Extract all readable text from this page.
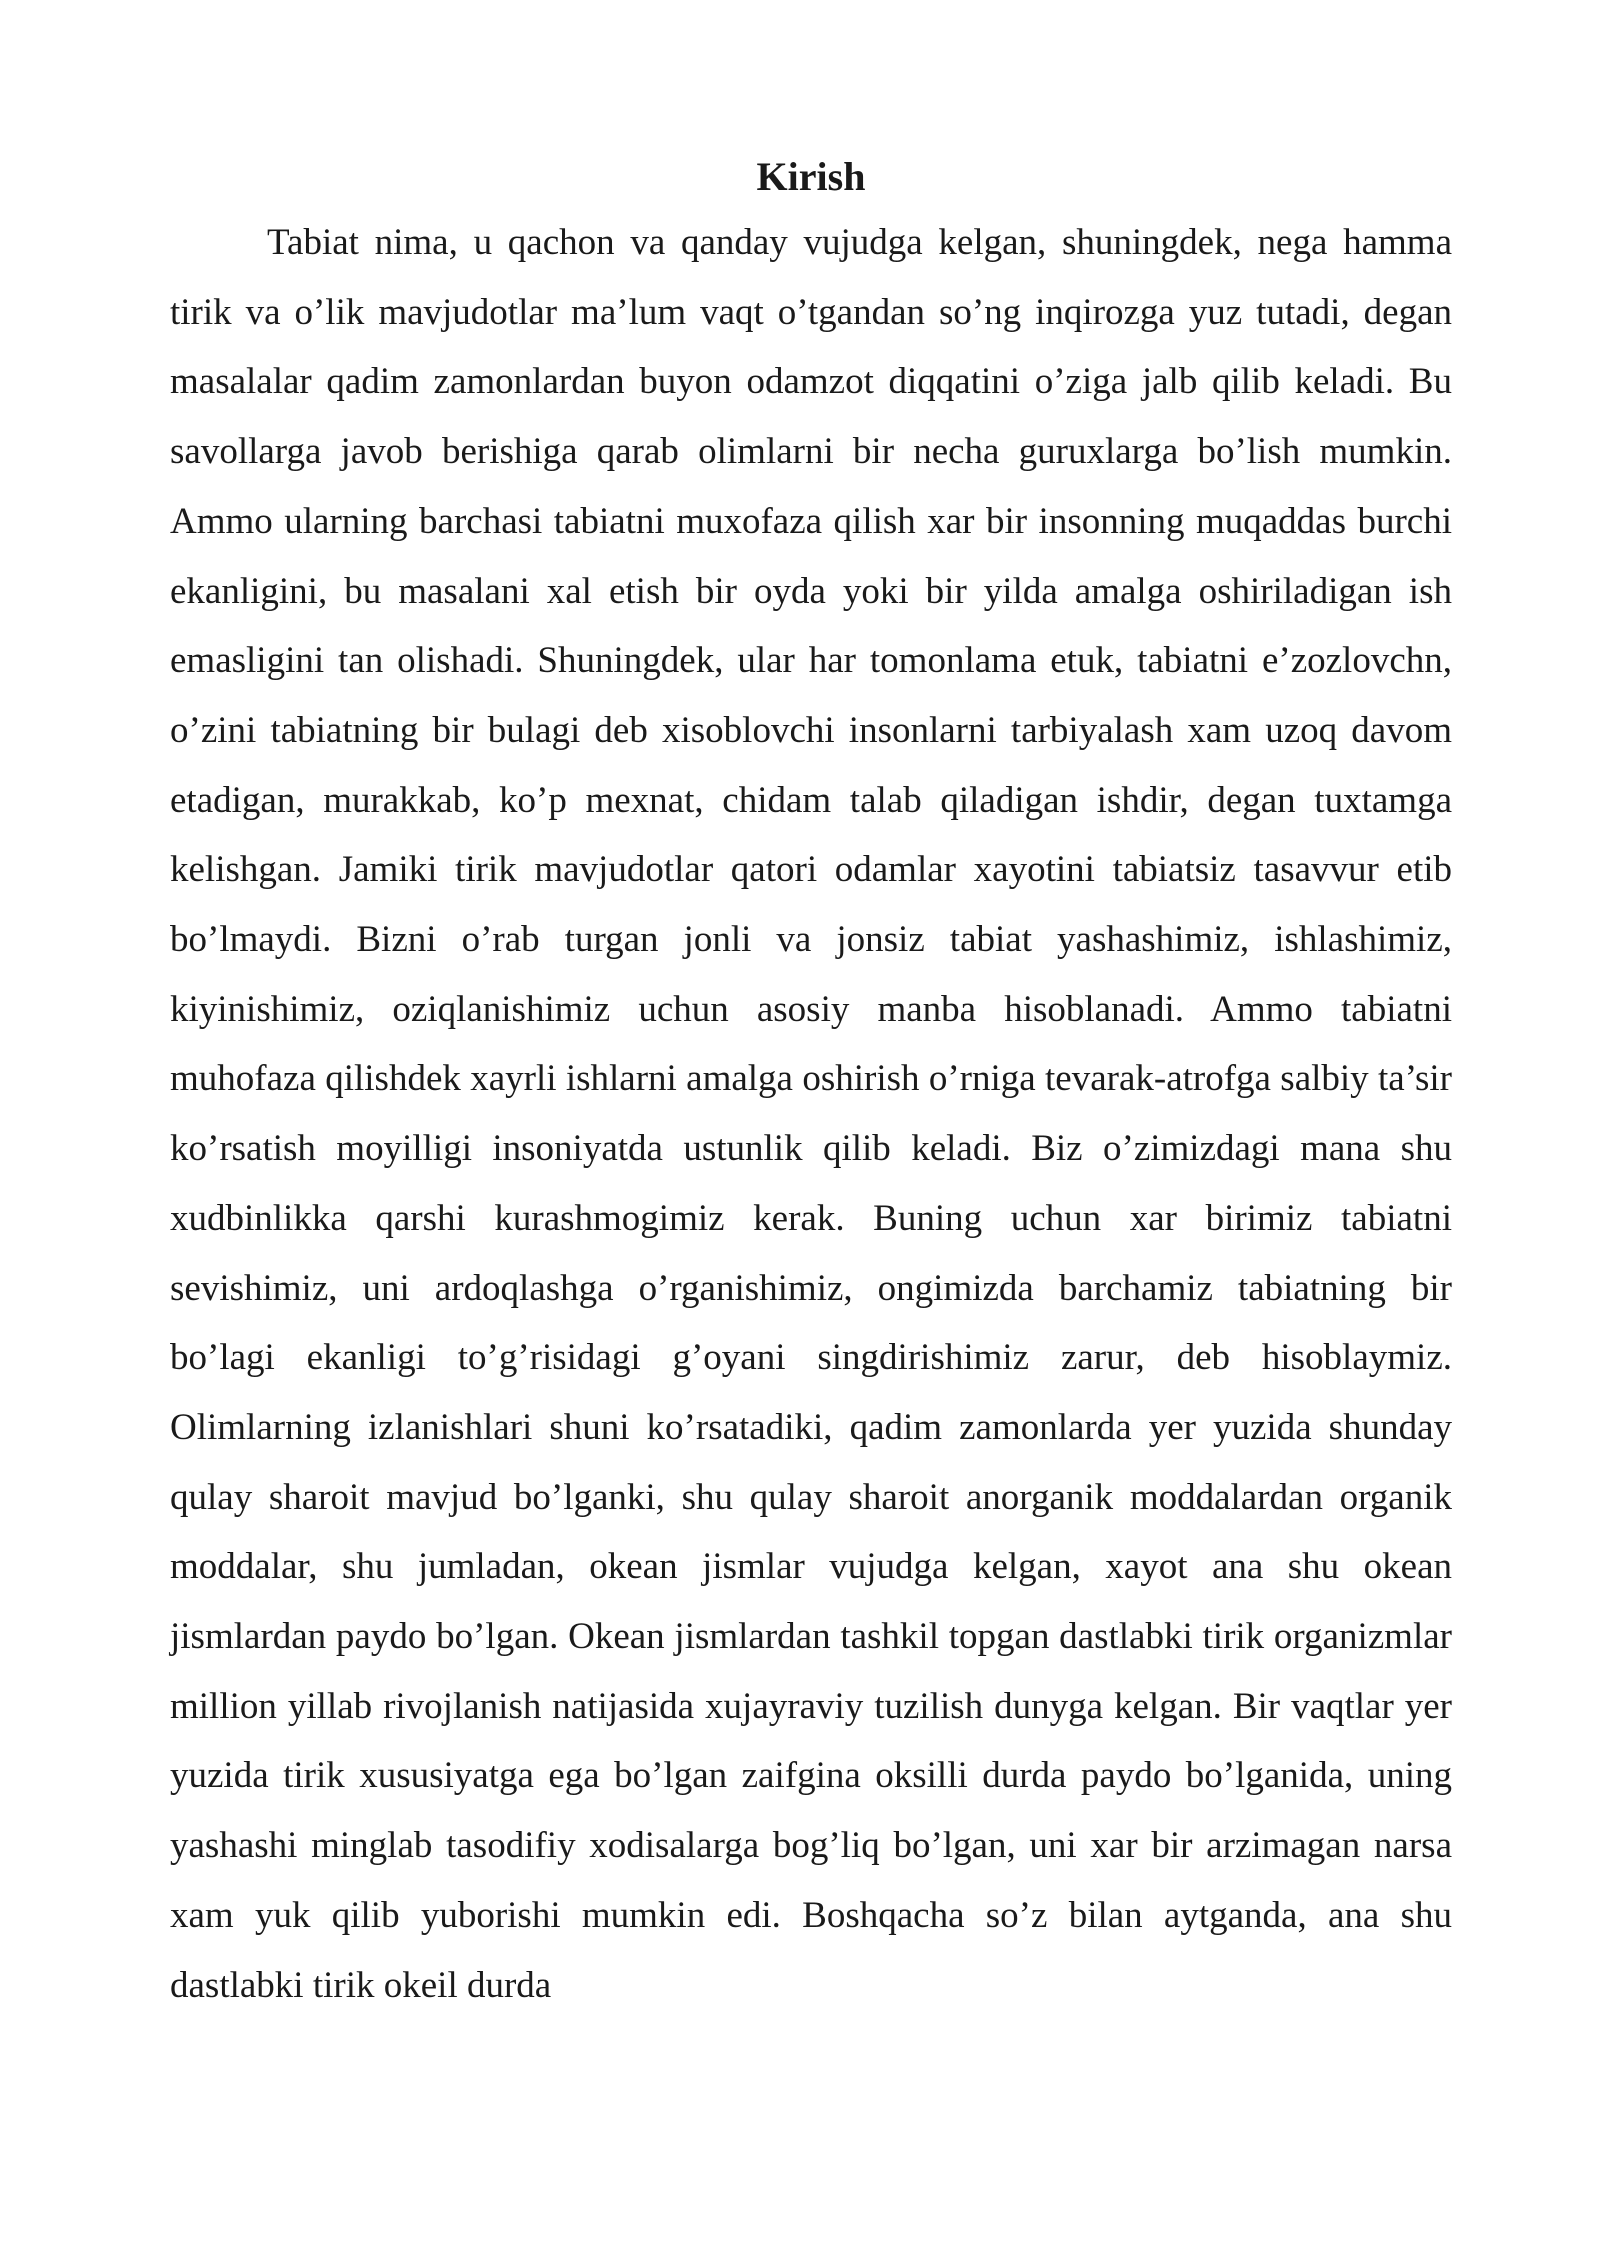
Kirish

Tabiat nima, u qachon va qanday vujudga kelgan, shuningdek, nega hamma tirik va o’lik mavjudotlar ma’lum vaqt o’tgandan so’ng inqirozga yuz tutadi, degan masalalar qadim zamonlardan buyon odamzot diqqatini o’ziga jalb qilib keladi. Bu savollarga javob berishiga qarab olimlarni bir necha guruxlarga bo’lish mumkin. Ammo ularning barchasi tabiatni muxofaza qilish xar bir insonning muqaddas burchi ekanligini, bu masalani xal etish bir oyda yoki bir yilda amalga oshiriladigan ish emasligini tan olishadi. Shuningdek, ular har tomonlama etuk, tabiatni e’zozlovchn, o’zini tabiatning bir bulagi deb xisoblovchi insonlarni tarbiyalash xam uzoq davom etadigan, murakkab, ko’p mexnat, chidam talab qiladigan ishdir, degan tuxtamga kelishgan. Jamiki tirik mavjudotlar qatori odamlar xayotini tabiatsiz tasavvur etib bo’lmaydi. Bizni o’rab turgan jonli va jonsiz tabiat yashashimiz, ishlashimiz, kiyinishimiz, oziqlanishimiz uchun asosiy manba hisoblanadi. Ammo tabiatni muhofaza qilishdek xayrli ishlarni amalga oshirish o’rniga tevarak-atrofga salbiy ta’sir ko’rsatish moyilligi insoniyatda ustunlik qilib keladi. Biz o’zimizdagi mana shu xudbinlikka qarshi kurashmogimiz kerak. Buning uchun xar birimiz tabiatni sevishimiz, uni ardoqlashga o’rganishimiz, ongimizda barchamiz tabiatning bir bo’lagi ekanligi to’g’risidagi g’oyani singdirishimiz zarur, deb hisoblaymiz. Olimlarning izlanishlari shuni ko’rsatadiki, qadim zamonlarda yer yuzida shunday qulay sharoit mavjud bo’lganki, shu qulay sharoit anorganik moddalardan organik moddalar, shu jumladan, okean jismlar vujudga kelgan, xayot ana shu okean jismlardan paydo bo’lgan. Okean jismlardan tashkil topgan dastlabki tirik organizmlar million yillab rivojlanish natijasida xujayraviy tuzilish dunyga kelgan. Bir vaqtlar yer yuzida tirik xususiyatga ega bo’lgan zaifgina oksilli durda paydo bo’lganida, uning yashashi minglab tasodifiy xodisalarga bog’liq bo’lgan, uni xar bir arzimagan narsa xam yuk qilib yuborishi mumkin edi. Boshqacha so’z bilan aytganda, ana shu dastlabki tirik okeil durda
